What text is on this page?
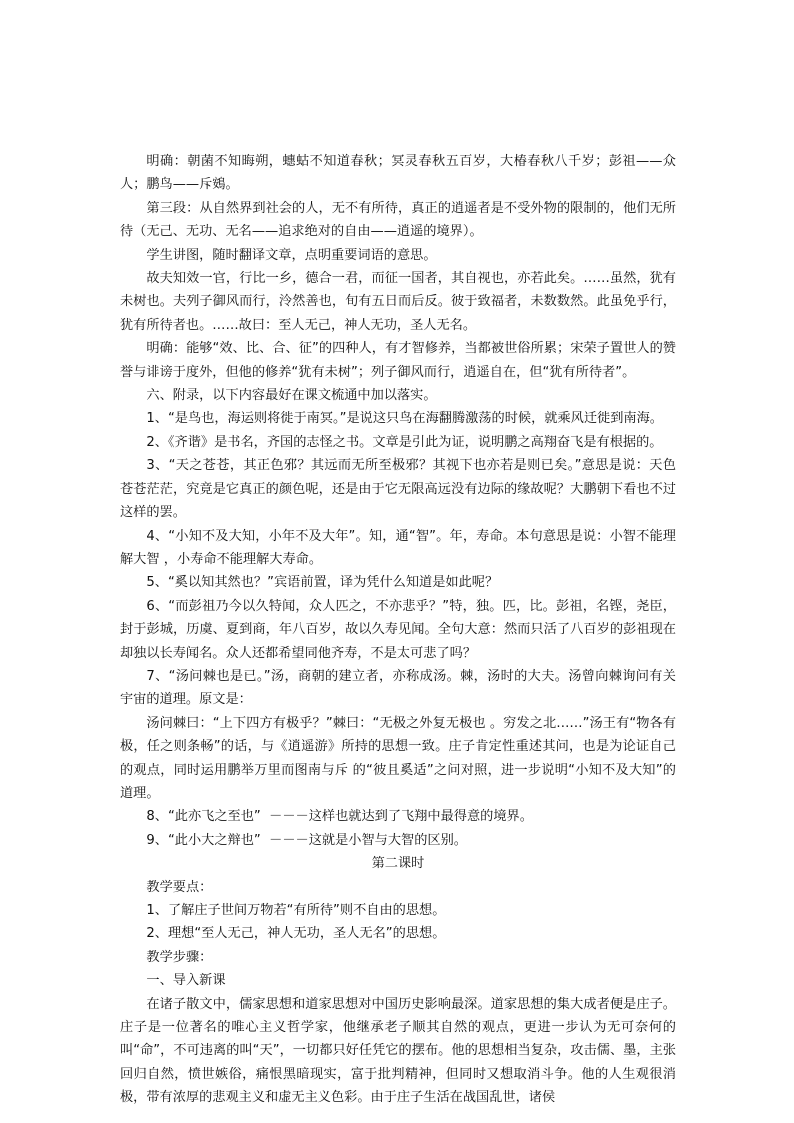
明确：朝菌不知晦朔，蟪蛄不知道春秋；冥灵春秋五百岁，大椿春秋八千岁；彭祖——众人；鹏鸟——斥鴳。

第三段：从自然界到社会的人，无不有所待，真正的逍遥者是不受外物的限制的，他们无所待（无己、无功、无名——追求绝对的自由——逍遥的境界）。

学生讲图，随时翻译文章，点明重要词语的意思。

故夫知效一官，行比一乡，德合一君，而征一国者，其自视也，亦若此矣。……虽然，犹有未树也。夫列子御风而行，泠然善也，旬有五日而后反。彼于致福者，未数数然。此虽免乎行，犹有所待者也。……故曰：至人无己，神人无功，圣人无名。

明确：能够“效、比、合、征”的四种人，有才智修养，当都被世俗所累；宋荣子置世人的赞誉与诽谤于度外，但他的修养“犹有未树”；列子御风而行，逍遥自在，但“犹有所待者”。

六、附录，以下内容最好在课文梳通中加以落实。

1、“是鸟也，海运则将徙于南冥。”是说这只鸟在海翻腾激荡的时候，就乘风迁徙到南海。

2、《齐谐》是书名，齐国的志怪之书。文章是引此为证，说明鹏之高翔奋飞是有根据的。

3、“天之苍苍，其正色邪？其远而无所至极邪？其视下也亦若是则已矣。”意思是说：天色苍苍茫茫，究竟是它真正的颜色呢，还是由于它无限高远没有边际的缘故呢？大鹏朝下看也不过这样的罢。

4、“小知不及大知，小年不及大年”。知，通“智”。年，寿命。本句意思是说：小智不能理解大智 ，小寿命不能理解大寿命。

5、“奚以知其然也？”宾语前置，译为凭什么知道是如此呢？

6、“而彭祖乃今以久特闻，众人匹之，不亦悲乎？”特，独。匹，比。彭祖，名铿，尧臣，封于彭城，历虞、夏到商，年八百岁，故以久寿见闻。全句大意：然而只活了八百岁的彭祖现在却独以长寿闻名。众人还都希望同他齐寿，不是太可悲了吗？

7、“汤问棘也是已。”汤，商朝的建立者，亦称成汤。棘，汤时的大夫。汤曾向棘询问有关宇宙的道理。原文是：

汤问棘曰：“上下四方有极乎？”棘曰：“无极之外复无极也 。穷发之北……”汤王有“物各有极，任之则条畅”的话，与《逍遥游》所持的思想一致。庄子肯定性重述其问，也是为论证自己的观点，同时运用鹏举万里而图南与斥 的“彼且奚适”之问对照，进一步说明“小知不及大知”的道理。

8、“此亦飞之至也”  －－－这样也就达到了飞翔中最得意的境界。

9、“此小大之辩也”  －－－这就是小智与大智的区别。

第二课时

教学要点：

1、了解庄子世间万物若“有所待”则不自由的思想。

2、理想“至人无己，神人无功，圣人无名”的思想。

教学步骤：

一、导入新课

在诸子散文中，儒家思想和道家思想对中国历史影响最深。道家思想的集大成者便是庄子。庄子是一位著名的唯心主义哲学家，他继承老子顺其自然的观点，更进一步认为无可奈何的叫“命”，不可违离的叫“天”，一切都只好任凭它的摆布。他的思想相当复杂，攻击儒、墨，主张回归自然，愤世嫉俗，痛恨黑暗现实，富于批判精神，但同时又想取消斗争。他的人生观很消极，带有浓厚的悲观主义和虚无主义色彩。由于庄子生活在战国乱世，诸侯
